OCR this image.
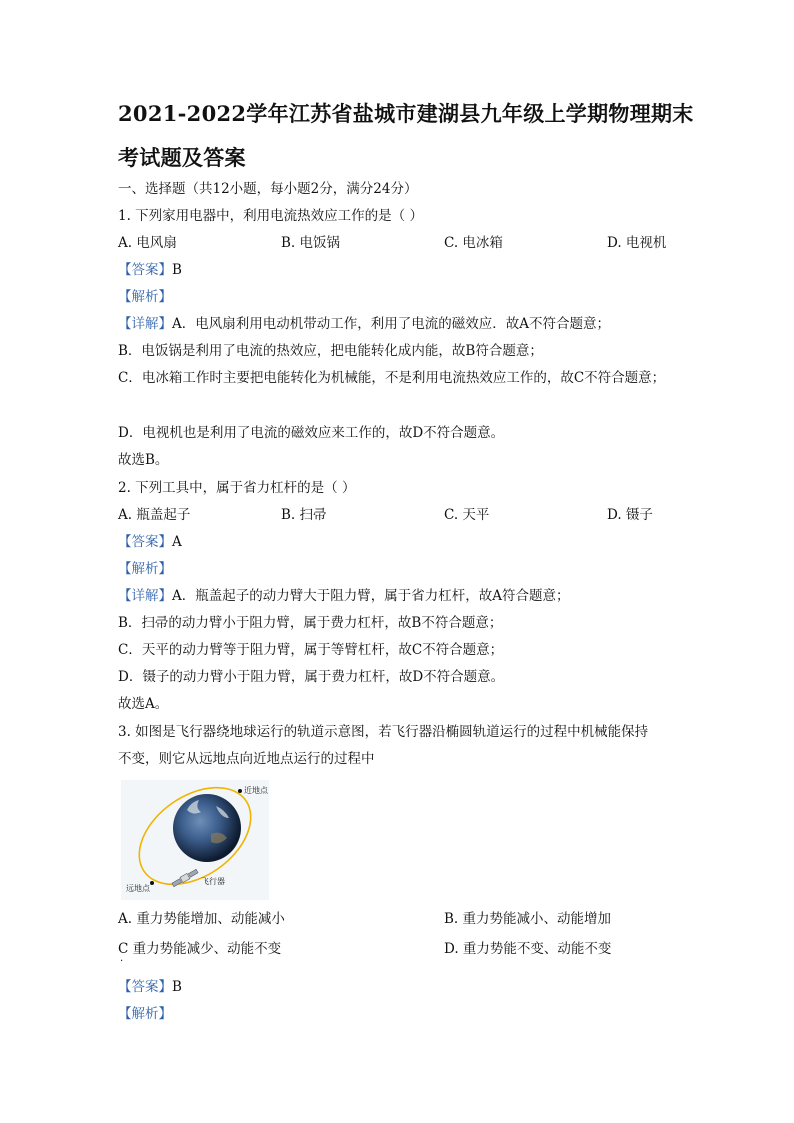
2021-2022学年江苏省盐城市建湖县九年级上学期物理期末
考试题及答案
一、选择题（共12小题，每小题2分，满分24分）
1. 下列家用电器中，利用电流热效应工作的是（ ）
A. 电风扇	B. 电饭锅	C. 电冰箱	D. 电视机
【答案】B
【解析】
【详解】A．电风扇利用电动机带动工作，利用了电流的磁效应．故A不符合题意；
B．电饭锅是利用了电流的热效应，把电能转化成内能，故B符合题意；
C．电冰箱工作时主要把电能转化为机械能，不是利用电流热效应工作的，故C不符合题意；
D．电视机也是利用了电流的磁效应来工作的，故D不符合题意。
故选B。
2. 下列工具中，属于省力杠杆的是（ ）
A. 瓶盖起子	B. 扫帚	C. 天平	D. 镊子
【答案】A
【解析】
【详解】A．瓶盖起子的动力臂大于阻力臂，属于省力杠杆，故A符合题意；
B．扫帚的动力臂小于阻力臂，属于费力杠杆，故B不符合题意；
C．天平的动力臂等于阻力臂，属于等臂杠杆，故C不符合题意；
D．镊子的动力臂小于阻力臂，属于费力杠杆，故D不符合题意。
故选A。
3. 如图是飞行器绕地球运行的轨道示意图，若飞行器沿椭圆轨道运行的过程中机械能保持
不变，则它从远地点向近地点运行的过程中
近地点
远地点
飞行器
A. 重力势能增加、动能减小	B. 重力势能减小、动能增加
C 重力势能减少、动能不变	D. 重力势能不变、动能不变
·
【答案】B
【解析】
